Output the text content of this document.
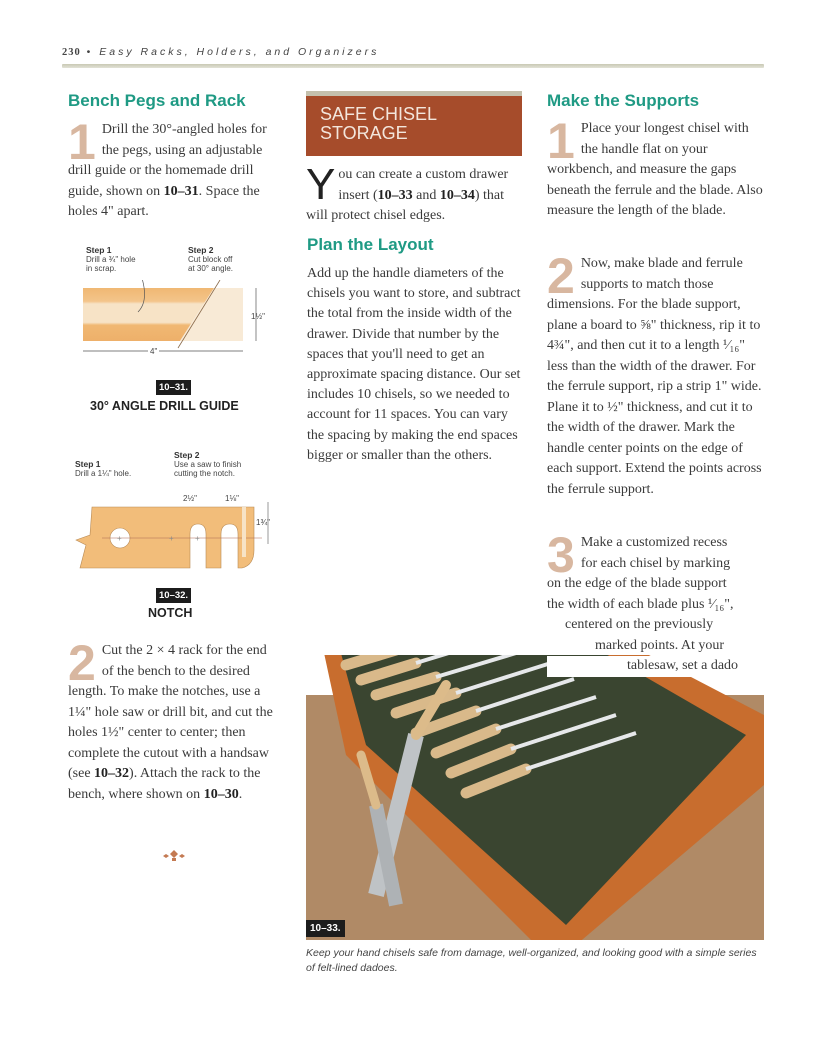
230 • Easy Racks, Holders, and Organizers
Bench Pegs and Rack
1 Drill the 30°-angled holes for the pegs, using an adjustable drill guide or the homemade drill guide, shown on 10–31. Space the holes 4" apart.
Step 1
Drill a ¾" hole
in scrap.
Step 2
Cut block off
at 30° angle.
1½"
4"
10–31.
30° ANGLE DRILL GUIDE
Step 1
Drill a 1¼" hole.
Step 2
Use a saw to finish
cutting the notch.
+	+	+
2½"	1⅛"
1¾"
10–32.
NOTCH
2 Cut the 2 × 4 rack for the end of the bench to the desired length. To make the notches, use a 1¼" hole saw or drill bit, and cut the holes 1½" center to center; then complete the cutout with a handsaw (see 10–32). Attach the rack to the bench, where shown on 10–30.
SAFE CHISEL
STORAGE
Y ou can create a custom drawer insert (10–33 and 10–34) that will protect chisel edges.
Plan the Layout
Add up the handle diameters of the chisels you want to store, and subtract the total from the inside width of the drawer. Divide that number by the spaces that you'll need to get an approximate spacing distance. Our set includes 10 chisels, so we needed to account for 11 spaces. You can vary the spacing by making the end spaces bigger or smaller than the others.
Make the Supports
1 Place your longest chisel with the handle flat on your workbench, and measure the gaps beneath the ferrule and the blade. Also measure the length of the blade.
2 Now, make blade and ferrule supports to match those dimensions. For the blade support, plane a board to ⅝" thickness, rip it to 4¾", and then cut it to a length ¹⁄₁₆" less than the width of the drawer. For the ferrule support, rip a strip 1" wide. Plane it to ½" thickness, and cut it to the width of the drawer. Mark the handle center points on the edge of each support. Extend the points across the ferrule support.
3 Make a customized recess
for each chisel by marking
on the edge of the blade support
the width of each blade plus ¹⁄₁₆",
centered on the previously
marked points. At your
tablesaw, set a dado
10–33.
Keep your hand chisels safe from damage, well-organized, and looking good with a simple series of felt-lined dadoes.
